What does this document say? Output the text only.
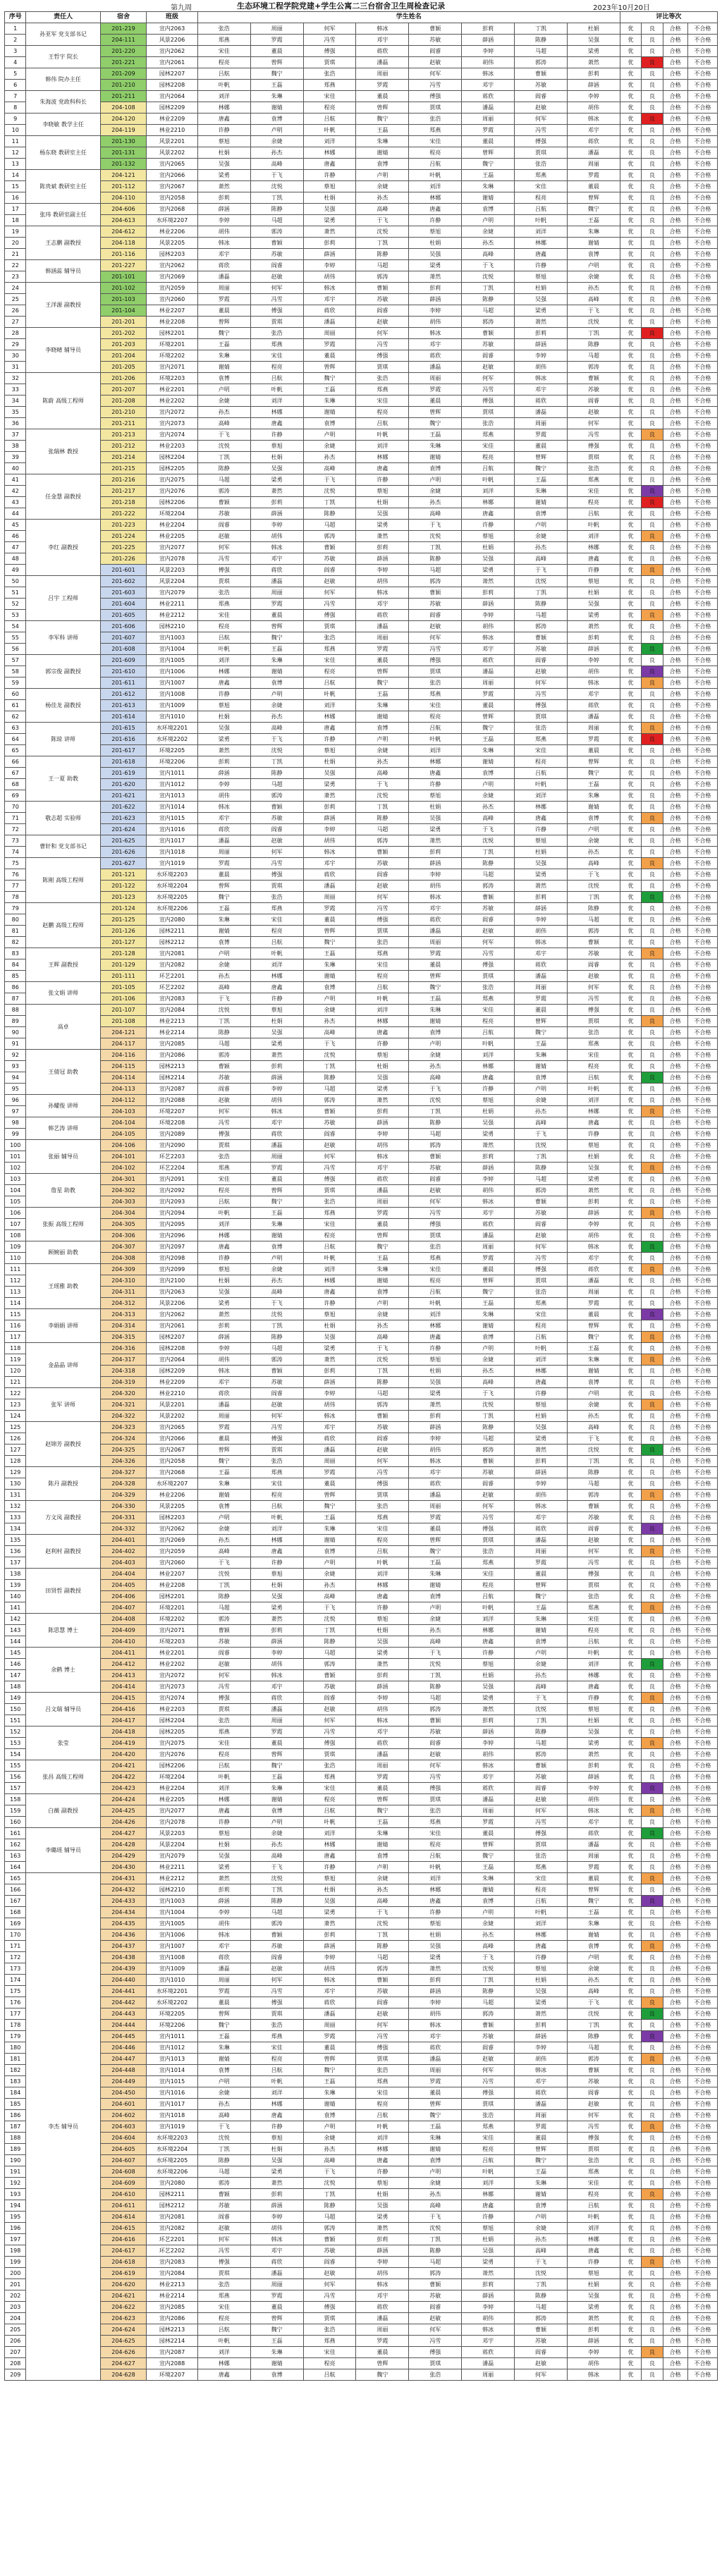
第九周	生态环境工程学院党建+学生公寓二三台宿舍卫生周检查记录	2023年10月20日
序号	责任人	宿舍	班级	学生姓名								评比等次			
1	孙亚军 党支部书记	201-219	宣内2063	张浩	周丽	何军	韩冰	曹颖	彭莉	丁凯	杜娟	优	良	合格	不合格
2		204-111	风景2206	郑燕	罗霞	冯雪	邓宇	苏敏	薛涵	陈静	吴强	优	良	合格	不合格
3	王哲宇 院长	201-220	宣内2062	宋佳	董晨	傅强	蒋欣	阎睿	李婷	马超	梁勇	优	良	合格	不合格
4		201-221	宣内2061	程亮	曾辉	贾琪	潘磊	赵敏	胡伟	郭涛	萧然	优	良	合格	不合格
5	韩伟 院办主任	201-209	园林2207	吕航	魏宁	张浩	周丽	何军	韩冰	曹颖	彭莉	优	良	合格	不合格
6		201-210	园林2208	叶帆	王磊	郑燕	罗霞	冯雪	邓宇	苏敏	薛涵	优	良	合格	不合格
7	朱海波 党政科科长	201-211	宣内2064	刘洋	朱琳	宋佳	董晨	傅强	蒋欣	阎睿	李婷	优	良	合格	不合格
8		204-108	园林2209	林娜	谢婧	程亮	曾辉	贾琪	潘磊	赵敏	胡伟	优	良	合格	不合格
9	李晓敏 教学主任	204-120	林业2209	唐鑫	袁博	吕航	魏宁	张浩	周丽	何军	韩冰	优	良	合格	不合格
10		204-119	林业2210	许静	卢明	叶帆	王磊	郑燕	罗霞	冯雪	邓宇	优	良	合格	不合格
11	杨东晓 教研室主任	201-130	风景2201	蔡旭	余婕	刘洋	朱琳	宋佳	董晨	傅强	蒋欣	优	良	合格	不合格
12		201-131	风景2202	杜娟	孙杰	林娜	谢婧	程亮	曾辉	贾琪	潘磊	优	良	合格	不合格
13		201-132	宣内2065	吴强	高峰	唐鑫	袁博	吕航	魏宁	张浩	周丽	优	良	合格	不合格
14	陈贵斌 教研室主任	204-121	宣内2066	梁勇	于飞	许静	卢明	叶帆	王磊	郑燕	罗霞	优	良	合格	不合格
15		201-112	宣内2067	萧然	沈悦	蔡旭	余婕	刘洋	朱琳	宋佳	董晨	优	良	合格	不合格
16		204-110	宣内2058	彭莉	丁凯	杜娟	孙杰	林娜	谢婧	程亮	曾辉	优	良	合格	不合格
17	张玮 教研室副主任	204-606	宣内2068	薛涵	陈静	吴强	高峰	唐鑫	袁博	吕航	魏宁	优	良	合格	不合格
18		204-613	水环境2207	李婷	马超	梁勇	于飞	许静	卢明	叶帆	王磊	优	良	合格	不合格
19	王志鹏 副教授	204-612	林业2206	胡伟	郭涛	萧然	沈悦	蔡旭	余婕	刘洋	朱琳	优	良	合格	不合格
20		204-118	风景2205	韩冰	曹颖	彭莉	丁凯	杜娟	孙杰	林娜	谢婧	优	良	合格	不合格
21		201-116	园林2203	邓宇	苏敏	薛涵	陈静	吴强	高峰	唐鑫	袁博	优	良	合格	不合格
22	韩涵蕊 辅导员	201-227	宣内2062	蒋欣	阎睿	李婷	马超	梁勇	于飞	许静	卢明	优	良	合格	不合格
23		201-101	宣内2069	潘磊	赵敏	胡伟	郭涛	萧然	沈悦	蔡旭	余婕	优	良	合格	不合格
24	王洋源 副教授	201-102	宣内2059	周丽	何军	韩冰	曹颖	彭莉	丁凯	杜娟	孙杰	优	良	合格	不合格
25		201-103	宣内2060	罗霞	冯雪	邓宇	苏敏	薛涵	陈静	吴强	高峰	优	良	合格	不合格
26		201-104	林业2207	董晨	傅强	蒋欣	阎睿	李婷	马超	梁勇	于飞	优	良	合格	不合格
27		201-201	林业2208	曾辉	贾琪	潘磊	赵敏	胡伟	郭涛	萧然	沈悦	优	良	合格	不合格
28	李晓晴 辅导员	201-202	园林2201	魏宁	张浩	周丽	何军	韩冰	曹颖	彭莉	丁凯	优	良	合格	不合格
29		201-203	环境2201	王磊	郑燕	罗霞	冯雪	邓宇	苏敏	薛涵	陈静	优	良	合格	不合格
30		201-204	环境2202	朱琳	宋佳	董晨	傅强	蒋欣	阎睿	李婷	马超	优	良	合格	不合格
31		201-205	宣内2071	谢婧	程亮	曾辉	贾琪	潘磊	赵敏	胡伟	郭涛	优	良	合格	不合格
32	陈蔚 高级工程师	201-206	环境2203	袁博	吕航	魏宁	张浩	周丽	何军	韩冰	曹颖	优	良	合格	不合格
33		201-207	林业2201	卢明	叶帆	王磊	郑燕	罗霞	冯雪	邓宇	苏敏	优	良	合格	不合格
34		201-208	林业2202	余婕	刘洋	朱琳	宋佳	董晨	傅强	蒋欣	阎睿	优	良	合格	不合格
35		201-210	宣内2072	孙杰	林娜	谢婧	程亮	曾辉	贾琪	潘磊	赵敏	优	良	合格	不合格
36		201-211	宣内2073	高峰	唐鑫	袁博	吕航	魏宁	张浩	周丽	何军	优	良	合格	不合格
37	张瑞林 教授	201-213	宣内2074	于飞	许静	卢明	叶帆	王磊	郑燕	罗霞	冯雪	优	良	合格	不合格
38		201-212	林业2203	沈悦	蔡旭	余婕	刘洋	朱琳	宋佳	董晨	傅强	优	良	合格	不合格
39		201-214	园林2204	丁凯	杜娟	孙杰	林娜	谢婧	程亮	曾辉	贾琪	优	良	合格	不合格
40		201-215	园林2205	陈静	吴强	高峰	唐鑫	袁博	吕航	魏宁	张浩	优	良	合格	不合格
41	任金慧 副教授	201-216	宣内2075	马超	梁勇	于飞	许静	卢明	叶帆	王磊	郑燕	优	良	合格	不合格
42		201-217	宣内2076	郭涛	萧然	沈悦	蔡旭	余婕	刘洋	朱琳	宋佳	优	良	合格	不合格
43		201-218	园林2206	曹颖	彭莉	丁凯	杜娟	孙杰	林娜	谢婧	程亮	优	良	合格	不合格
44		201-222	环境2204	苏敏	薛涵	陈静	吴强	高峰	唐鑫	袁博	吕航	优	良	合格	不合格
45	李红 副教授	201-223	林业2204	阎睿	李婷	马超	梁勇	于飞	许静	卢明	叶帆	优	良	合格	不合格
46		201-224	林业2205	赵敏	胡伟	郭涛	萧然	沈悦	蔡旭	余婕	刘洋	优	良	合格	不合格
47		201-225	宣内2077	何军	韩冰	曹颖	彭莉	丁凯	杜娟	孙杰	林娜	优	良	合格	不合格
48		201-226	宣内2078	冯雪	邓宇	苏敏	薛涵	陈静	吴强	高峰	唐鑫	优	良	合格	不合格
49		201-601	风景2203	傅强	蒋欣	阎睿	李婷	马超	梁勇	于飞	许静	优	良	合格	不合格
50	吕宇 工程师	201-602	风景2204	贾琪	潘磊	赵敏	胡伟	郭涛	萧然	沈悦	蔡旭	优	良	合格	不合格
51		201-603	宣内2079	张浩	周丽	何军	韩冰	曹颖	彭莉	丁凯	杜娟	优	良	合格	不合格
52		201-604	林业2211	郑燕	罗霞	冯雪	邓宇	苏敏	薛涵	陈静	吴强	优	良	合格	不合格
53		201-605	林业2212	宋佳	董晨	傅强	蒋欣	阎睿	李婷	马超	梁勇	优	良	合格	不合格
54	李军科 讲师	201-606	园林2210	程亮	曾辉	贾琪	潘磊	赵敏	胡伟	郭涛	萧然	优	良	合格	不合格
55		201-607	宣内1003	吕航	魏宁	张浩	周丽	何军	韩冰	曹颖	彭莉	优	良	合格	不合格
56		201-608	宣内1004	叶帆	王磊	郑燕	罗霞	冯雪	邓宇	苏敏	薛涵	优	良	合格	不合格
57	郭宗俊 副教授	201-609	宣内1005	刘洋	朱琳	宋佳	董晨	傅强	蒋欣	阎睿	李婷	优	良	合格	不合格
58		201-610	宣内1006	林娜	谢婧	程亮	曾辉	贾琪	潘磊	赵敏	胡伟	优	良	合格	不合格
59		201-611	宣内1007	唐鑫	袁博	吕航	魏宁	张浩	周丽	何军	韩冰	优	良	合格	不合格
60	杨佳龙 副教授	201-612	宣内1008	许静	卢明	叶帆	王磊	郑燕	罗霞	冯雪	邓宇	优	良	合格	不合格
61		201-613	宣内1009	蔡旭	余婕	刘洋	朱琳	宋佳	董晨	傅强	蒋欣	优	良	合格	不合格
62		201-614	宣内1010	杜娟	孙杰	林娜	谢婧	程亮	曾辉	贾琪	潘磊	优	良	合格	不合格
63	陈琼 讲师	201-615	水环境2201	吴强	高峰	唐鑫	袁博	吕航	魏宁	张浩	周丽	优	良	合格	不合格
64		201-616	水环境2202	梁勇	于飞	许静	卢明	叶帆	王磊	郑燕	罗霞	优	良	合格	不合格
65		201-617	环境2205	萧然	沈悦	蔡旭	余婕	刘洋	朱琳	宋佳	董晨	优	良	合格	不合格
66	王一夏 助教	201-618	环境2206	彭莉	丁凯	杜娟	孙杰	林娜	谢婧	程亮	曾辉	优	良	合格	不合格
67		201-619	宣内1011	薛涵	陈静	吴强	高峰	唐鑫	袁博	吕航	魏宁	优	良	合格	不合格
68		201-620	宣内1012	李婷	马超	梁勇	于飞	许静	卢明	叶帆	王磊	优	良	合格	不合格
69		201-621	宣内1013	胡伟	郭涛	萧然	沈悦	蔡旭	余婕	刘洋	朱琳	优	良	合格	不合格
70	敬志超 实验师	201-622	宣内1014	韩冰	曹颖	彭莉	丁凯	杜娟	孙杰	林娜	谢婧	优	良	合格	不合格
71		201-623	宣内1015	邓宇	苏敏	薛涵	陈静	吴强	高峰	唐鑫	袁博	优	良	合格	不合格
72		201-624	宣内1016	蒋欣	阎睿	李婷	马超	梁勇	于飞	许静	卢明	优	良	合格	不合格
73	曹轩和 党支部书记	201-625	宣内1017	潘磊	赵敏	胡伟	郭涛	萧然	沈悦	蔡旭	余婕	优	良	合格	不合格
74		201-626	宣内1018	周丽	何军	韩冰	曹颖	彭莉	丁凯	杜娟	孙杰	优	良	合格	不合格
75	陈刚 高级工程师	201-627	宣内1019	罗霞	冯雪	邓宇	苏敏	薛涵	陈静	吴强	高峰	优	良	合格	不合格
76		201-121	水环境2203	董晨	傅强	蒋欣	阎睿	李婷	马超	梁勇	于飞	优	良	合格	不合格
77		201-122	水环境2204	曾辉	贾琪	潘磊	赵敏	胡伟	郭涛	萧然	沈悦	优	良	合格	不合格
78		201-123	水环境2205	魏宁	张浩	周丽	何军	韩冰	曹颖	彭莉	丁凯	优	良	合格	不合格
79	赵鹏 高级工程师	201-124	水环境2206	王磊	郑燕	罗霞	冯雪	邓宇	苏敏	薛涵	陈静	优	良	合格	不合格
80		201-125	宣内2080	朱琳	宋佳	董晨	傅强	蒋欣	阎睿	李婷	马超	优	良	合格	不合格
81		201-126	园林2211	谢婧	程亮	曾辉	贾琪	潘磊	赵敏	胡伟	郭涛	优	良	合格	不合格
82		201-127	园林2212	袁博	吕航	魏宁	张浩	周丽	何军	韩冰	曹颖	优	良	合格	不合格
83	王辉 副教授	201-128	宣内2081	卢明	叶帆	王磊	郑燕	罗霞	冯雪	邓宇	苏敏	优	良	合格	不合格
84		201-129	宣内2082	余婕	刘洋	朱琳	宋佳	董晨	傅强	蒋欣	阎睿	优	良	合格	不合格
85		201-111	环艺2201	孙杰	林娜	谢婧	程亮	曾辉	贾琪	潘磊	赵敏	优	良	合格	不合格
86	张文娟 讲师	201-105	环艺2202	高峰	唐鑫	袁博	吕航	魏宁	张浩	周丽	何军	优	良	合格	不合格
87		201-106	宣内2083	于飞	许静	卢明	叶帆	王磊	郑燕	罗霞	冯雪	优	良	合格	不合格
88	高卓	201-107	宣内2084	沈悦	蔡旭	余婕	刘洋	朱琳	宋佳	董晨	傅强	优	良	合格	不合格
89		201-108	林业2213	丁凯	杜娟	孙杰	林娜	谢婧	程亮	曾辉	贾琪	优	良	合格	不合格
90		204-121	林业2214	陈静	吴强	高峰	唐鑫	袁博	吕航	魏宁	张浩	优	良	合格	不合格
91		204-117	宣内2085	马超	梁勇	于飞	许静	卢明	叶帆	王磊	郑燕	优	良	合格	不合格
92	王倩冠 助教	204-116	宣内2086	郭涛	萧然	沈悦	蔡旭	余婕	刘洋	朱琳	宋佳	优	良	合格	不合格
93		204-115	园林2213	曹颖	彭莉	丁凯	杜娟	孙杰	林娜	谢婧	程亮	优	良	合格	不合格
94		204-114	园林2214	苏敏	薛涵	陈静	吴强	高峰	唐鑫	袁博	吕航	优	良	合格	不合格
95		204-113	宣内2087	阎睿	李婷	马超	梁勇	于飞	许静	卢明	叶帆	优	良	合格	不合格
96	孙耀俊 讲师	204-112	宣内2088	赵敏	胡伟	郭涛	萧然	沈悦	蔡旭	余婕	刘洋	优	良	合格	不合格
97		204-103	环境2207	何军	韩冰	曹颖	彭莉	丁凯	杜娟	孙杰	林娜	优	良	合格	不合格
98	韩艺涛 讲师	204-104	环境2208	冯雪	邓宇	苏敏	薛涵	陈静	吴强	高峰	唐鑫	优	良	合格	不合格
99		204-105	宣内2089	傅强	蒋欣	阎睿	李婷	马超	梁勇	于飞	许静	优	良	合格	不合格
100	张丽 辅导员	204-106	宣内2090	贾琪	潘磊	赵敏	胡伟	郭涛	萧然	沈悦	蔡旭	优	良	合格	不合格
101		204-101	环艺2203	张浩	周丽	何军	韩冰	曹颖	彭莉	丁凯	杜娟	优	良	合格	不合格
102		204-102	环艺2204	郑燕	罗霞	冯雪	邓宇	苏敏	薛涵	陈静	吴强	优	良	合格	不合格
103	詹星 助教	204-301	宣内2091	宋佳	董晨	傅强	蒋欣	阎睿	李婷	马超	梁勇	优	良	合格	不合格
104		204-302	宣内2092	程亮	曾辉	贾琪	潘磊	赵敏	胡伟	郭涛	萧然	优	良	合格	不合格
105		204-303	宣内2093	吕航	魏宁	张浩	周丽	何军	韩冰	曹颖	彭莉	优	良	合格	不合格
106	张振 高级工程师	204-304	宣内2094	叶帆	王磊	郑燕	罗霞	冯雪	邓宇	苏敏	薛涵	优	良	合格	不合格
107		204-305	宣内2095	刘洋	朱琳	宋佳	董晨	傅强	蒋欣	阎睿	李婷	优	良	合格	不合格
108		204-306	宣内2096	林娜	谢婧	程亮	曾辉	贾琪	潘磊	赵敏	胡伟	优	良	合格	不合格
109	顾婉丽 助教	204-307	宣内2097	唐鑫	袁博	吕航	魏宁	张浩	周丽	何军	韩冰	优	良	合格	不合格
110		204-308	宣内2098	许静	卢明	叶帆	王磊	郑燕	罗霞	冯雪	邓宇	优	良	合格	不合格
111	王瑶雅 助教	204-309	宣内2099	蔡旭	余婕	刘洋	朱琳	宋佳	董晨	傅强	蒋欣	优	良	合格	不合格
112		204-310	宣内2100	杜娟	孙杰	林娜	谢婧	程亮	曾辉	贾琪	潘磊	优	良	合格	不合格
113		204-311	宣内2063	吴强	高峰	唐鑫	袁博	吕航	魏宁	张浩	周丽	优	良	合格	不合格
114		204-312	风景2206	梁勇	于飞	许静	卢明	叶帆	王磊	郑燕	罗霞	优	良	合格	不合格
115	李娟娟 讲师	204-313	宣内2062	萧然	沈悦	蔡旭	余婕	刘洋	朱琳	宋佳	董晨	优	良	合格	不合格
116		204-314	宣内2061	彭莉	丁凯	杜娟	孙杰	林娜	谢婧	程亮	曾辉	优	良	合格	不合格
117		204-315	园林2207	薛涵	陈静	吴强	高峰	唐鑫	袁博	吕航	魏宁	优	良	合格	不合格
118	金晶晶 讲师	204-316	园林2208	李婷	马超	梁勇	于飞	许静	卢明	叶帆	王磊	优	良	合格	不合格
119		204-317	宣内2064	胡伟	郭涛	萧然	沈悦	蔡旭	余婕	刘洋	朱琳	优	良	合格	不合格
120		204-318	园林2209	韩冰	曹颖	彭莉	丁凯	杜娟	孙杰	林娜	谢婧	优	良	合格	不合格
121		204-319	林业2209	邓宇	苏敏	薛涵	陈静	吴强	高峰	唐鑫	袁博	优	良	合格	不合格
122	张军 讲师	204-320	林业2210	蒋欣	阎睿	李婷	马超	梁勇	于飞	许静	卢明	优	良	合格	不合格
123		204-321	风景2201	潘磊	赵敏	胡伟	郭涛	萧然	沈悦	蔡旭	余婕	优	良	合格	不合格
124		204-322	风景2202	周丽	何军	韩冰	曹颖	彭莉	丁凯	杜娟	孙杰	优	良	合格	不合格
125	赵锦芳 副教授	204-323	宣内2065	罗霞	冯雪	邓宇	苏敏	薛涵	陈静	吴强	高峰	优	良	合格	不合格
126		204-324	宣内2066	董晨	傅强	蒋欣	阎睿	李婷	马超	梁勇	于飞	优	良	合格	不合格
127		204-325	宣内2067	曾辉	贾琪	潘磊	赵敏	胡伟	郭涛	萧然	沈悦	优	良	合格	不合格
128		204-326	宣内2058	魏宁	张浩	周丽	何军	韩冰	曹颖	彭莉	丁凯	优	良	合格	不合格
129	陈丹 副教授	204-327	宣内2068	王磊	郑燕	罗霞	冯雪	邓宇	苏敏	薛涵	陈静	优	良	合格	不合格
130		204-328	水环境2207	朱琳	宋佳	董晨	傅强	蒋欣	阎睿	李婷	马超	优	良	合格	不合格
131		204-329	林业2206	谢婧	程亮	曾辉	贾琪	潘磊	赵敏	胡伟	郭涛	优	良	合格	不合格
132	方文凤 副教授	204-330	风景2205	袁博	吕航	魏宁	张浩	周丽	何军	韩冰	曹颖	优	良	合格	不合格
133		204-331	园林2203	卢明	叶帆	王磊	郑燕	罗霞	冯雪	邓宇	苏敏	优	良	合格	不合格
134		204-332	宣内2062	余婕	刘洋	朱琳	宋佳	董晨	傅强	蒋欣	阎睿	优	良	合格	不合格
135	赵利村 副教授	204-401	宣内2069	孙杰	林娜	谢婧	程亮	曾辉	贾琪	潘磊	赵敏	优	良	合格	不合格
136		204-402	宣内2059	高峰	唐鑫	袁博	吕航	魏宁	张浩	周丽	何军	优	良	合格	不合格
137		204-403	宣内2060	于飞	许静	卢明	叶帆	王磊	郑燕	罗霞	冯雪	优	良	合格	不合格
138	田贤哲 副教授	204-404	林业2207	沈悦	蔡旭	余婕	刘洋	朱琳	宋佳	董晨	傅强	优	良	合格	不合格
139		204-405	林业2208	丁凯	杜娟	孙杰	林娜	谢婧	程亮	曾辉	贾琪	优	良	合格	不合格
140		204-406	园林2201	陈静	吴强	高峰	唐鑫	袁博	吕航	魏宁	张浩	优	良	合格	不合格
141		204-407	环境2201	马超	梁勇	于飞	许静	卢明	叶帆	王磊	郑燕	优	良	合格	不合格
142	陈思慧 博士	204-408	环境2202	郭涛	萧然	沈悦	蔡旭	余婕	刘洋	朱琳	宋佳	优	良	合格	不合格
143		204-409	宣内2071	曹颖	彭莉	丁凯	杜娟	孙杰	林娜	谢婧	程亮	优	良	合格	不合格
144		204-410	环境2203	苏敏	薛涵	陈静	吴强	高峰	唐鑫	袁博	吕航	优	良	合格	不合格
145	余鹤 博士	204-411	林业2201	阎睿	李婷	马超	梁勇	于飞	许静	卢明	叶帆	优	良	合格	不合格
146		204-412	林业2202	赵敏	胡伟	郭涛	萧然	沈悦	蔡旭	余婕	刘洋	优	良	合格	不合格
147		204-413	宣内2072	何军	韩冰	曹颖	彭莉	丁凯	杜娟	孙杰	林娜	优	良	合格	不合格
148		204-414	宣内2073	冯雪	邓宇	苏敏	薛涵	陈静	吴强	高峰	唐鑫	优	良	合格	不合格
149	吕文瑞 辅导员	204-415	宣内2074	傅强	蒋欣	阎睿	李婷	马超	梁勇	于飞	许静	优	良	合格	不合格
150		204-416	林业2203	贾琪	潘磊	赵敏	胡伟	郭涛	萧然	沈悦	蔡旭	优	良	合格	不合格
151		204-417	园林2204	张浩	周丽	何军	韩冰	曹颖	彭莉	丁凯	杜娟	优	良	合格	不合格
152	张莹	204-418	园林2205	郑燕	罗霞	冯雪	邓宇	苏敏	薛涵	陈静	吴强	优	良	合格	不合格
153		204-419	宣内2075	宋佳	董晨	傅强	蒋欣	阎睿	李婷	马超	梁勇	优	良	合格	不合格
154		204-420	宣内2076	程亮	曾辉	贾琪	潘磊	赵敏	胡伟	郭涛	萧然	优	良	合格	不合格
155	张昌 高级工程师	204-421	园林2206	吕航	魏宁	张浩	周丽	何军	韩冰	曹颖	彭莉	优	良	合格	不合格
156		204-422	环境2204	叶帆	王磊	郑燕	罗霞	冯雪	邓宇	苏敏	薛涵	优	良	合格	不合格
157		204-423	林业2204	刘洋	朱琳	宋佳	董晨	傅强	蒋欣	阎睿	李婷	优	良	合格	不合格
158	白薇 副教授	204-424	林业2205	林娜	谢婧	程亮	曾辉	贾琪	潘磊	赵敏	胡伟	优	良	合格	不合格
159		204-425	宣内2077	唐鑫	袁博	吕航	魏宁	张浩	周丽	何军	韩冰	优	良	合格	不合格
160		204-426	宣内2078	许静	卢明	叶帆	王磊	郑燕	罗霞	冯雪	邓宇	优	良	合格	不合格
161	李璐瑶 辅导员	204-427	风景2203	蔡旭	余婕	刘洋	朱琳	宋佳	董晨	傅强	蒋欣	优	良	合格	不合格
162		204-428	风景2204	杜娟	孙杰	林娜	谢婧	程亮	曾辉	贾琪	潘磊	优	良	合格	不合格
163		204-429	宣内2079	吴强	高峰	唐鑫	袁博	吕航	魏宁	张浩	周丽	优	良	合格	不合格
164		204-430	林业2211	梁勇	于飞	许静	卢明	叶帆	王磊	郑燕	罗霞	优	良	合格	不合格
165	李杰 辅导员	204-431	林业2212	萧然	沈悦	蔡旭	余婕	刘洋	朱琳	宋佳	董晨	优	良	合格	不合格
166		204-432	园林2210	彭莉	丁凯	杜娟	孙杰	林娜	谢婧	程亮	曾辉	优	良	合格	不合格
167		204-433	宣内1003	薛涵	陈静	吴强	高峰	唐鑫	袁博	吕航	魏宁	优	良	合格	不合格
168		204-434	宣内1004	李婷	马超	梁勇	于飞	许静	卢明	叶帆	王磊	优	良	合格	不合格
169		204-435	宣内1005	胡伟	郭涛	萧然	沈悦	蔡旭	余婕	刘洋	朱琳	优	良	合格	不合格
170		204-436	宣内1006	韩冰	曹颖	彭莉	丁凯	杜娟	孙杰	林娜	谢婧	优	良	合格	不合格
171		204-437	宣内1007	邓宇	苏敏	薛涵	陈静	吴强	高峰	唐鑫	袁博	优	良	合格	不合格
172		204-438	宣内1008	蒋欣	阎睿	李婷	马超	梁勇	于飞	许静	卢明	优	良	合格	不合格
173		204-439	宣内1009	潘磊	赵敏	胡伟	郭涛	萧然	沈悦	蔡旭	余婕	优	良	合格	不合格
174		204-440	宣内1010	周丽	何军	韩冰	曹颖	彭莉	丁凯	杜娟	孙杰	优	良	合格	不合格
175		204-441	水环境2201	罗霞	冯雪	邓宇	苏敏	薛涵	陈静	吴强	高峰	优	良	合格	不合格
176		204-442	水环境2202	董晨	傅强	蒋欣	阎睿	李婷	马超	梁勇	于飞	优	良	合格	不合格
177		204-443	环境2205	曾辉	贾琪	潘磊	赵敏	胡伟	郭涛	萧然	沈悦	优	良	合格	不合格
178		204-444	环境2206	魏宁	张浩	周丽	何军	韩冰	曹颖	彭莉	丁凯	优	良	合格	不合格
179		204-445	宣内1011	王磊	郑燕	罗霞	冯雪	邓宇	苏敏	薛涵	陈静	优	良	合格	不合格
180		204-446	宣内1012	朱琳	宋佳	董晨	傅强	蒋欣	阎睿	李婷	马超	优	良	合格	不合格
181		204-447	宣内1013	谢婧	程亮	曾辉	贾琪	潘磊	赵敏	胡伟	郭涛	优	良	合格	不合格
182		204-448	宣内1014	袁博	吕航	魏宁	张浩	周丽	何军	韩冰	曹颖	优	良	合格	不合格
183		204-449	宣内1015	卢明	叶帆	王磊	郑燕	罗霞	冯雪	邓宇	苏敏	优	良	合格	不合格
184		204-450	宣内1016	余婕	刘洋	朱琳	宋佳	董晨	傅强	蒋欣	阎睿	优	良	合格	不合格
185		204-601	宣内1017	孙杰	林娜	谢婧	程亮	曾辉	贾琪	潘磊	赵敏	优	良	合格	不合格
186		204-602	宣内1018	高峰	唐鑫	袁博	吕航	魏宁	张浩	周丽	何军	优	良	合格	不合格
187		204-603	宣内1019	于飞	许静	卢明	叶帆	王磊	郑燕	罗霞	冯雪	优	良	合格	不合格
188		204-604	水环境2203	沈悦	蔡旭	余婕	刘洋	朱琳	宋佳	董晨	傅强	优	良	合格	不合格
189		204-605	水环境2204	丁凯	杜娟	孙杰	林娜	谢婧	程亮	曾辉	贾琪	优	良	合格	不合格
190		204-607	水环境2205	陈静	吴强	高峰	唐鑫	袁博	吕航	魏宁	张浩	优	良	合格	不合格
191		204-608	水环境2206	马超	梁勇	于飞	许静	卢明	叶帆	王磊	郑燕	优	良	合格	不合格
192		204-609	宣内2080	郭涛	萧然	沈悦	蔡旭	余婕	刘洋	朱琳	宋佳	优	良	合格	不合格
193		204-610	园林2211	曹颖	彭莉	丁凯	杜娟	孙杰	林娜	谢婧	程亮	优	良	合格	不合格
194		204-611	园林2212	苏敏	薛涵	陈静	吴强	高峰	唐鑫	袁博	吕航	优	良	合格	不合格
195		204-614	宣内2081	阎睿	李婷	马超	梁勇	于飞	许静	卢明	叶帆	优	良	合格	不合格
196		204-615	宣内2082	赵敏	胡伟	郭涛	萧然	沈悦	蔡旭	余婕	刘洋	优	良	合格	不合格
197		204-616	环艺2201	何军	韩冰	曹颖	彭莉	丁凯	杜娟	孙杰	林娜	优	良	合格	不合格
198		204-617	环艺2202	冯雪	邓宇	苏敏	薛涵	陈静	吴强	高峰	唐鑫	优	良	合格	不合格
199		204-618	宣内2083	傅强	蒋欣	阎睿	李婷	马超	梁勇	于飞	许静	优	良	合格	不合格
200		204-619	宣内2084	贾琪	潘磊	赵敏	胡伟	郭涛	萧然	沈悦	蔡旭	优	良	合格	不合格
201		204-620	林业2213	张浩	周丽	何军	韩冰	曹颖	彭莉	丁凯	杜娟	优	良	合格	不合格
202		204-621	林业2214	郑燕	罗霞	冯雪	邓宇	苏敏	薛涵	陈静	吴强	优	良	合格	不合格
203		204-622	宣内2085	宋佳	董晨	傅强	蒋欣	阎睿	李婷	马超	梁勇	优	良	合格	不合格
204		204-623	宣内2086	程亮	曾辉	贾琪	潘磊	赵敏	胡伟	郭涛	萧然	优	良	合格	不合格
205		204-624	园林2213	吕航	魏宁	张浩	周丽	何军	韩冰	曹颖	彭莉	优	良	合格	不合格
206		204-625	园林2214	叶帆	王磊	郑燕	罗霞	冯雪	邓宇	苏敏	薛涵	优	良	合格	不合格
207		204-626	宣内2087	刘洋	朱琳	宋佳	董晨	傅强	蒋欣	阎睿	李婷	优	良	合格	不合格
208		204-627	宣内2088	林娜	谢婧	程亮	曾辉	贾琪	潘磊	赵敏	胡伟	优	良	合格	不合格
209		204-628	环境2207	唐鑫	袁博	吕航	魏宁	张浩	周丽	何军	韩冰	优	良	合格	不合格
